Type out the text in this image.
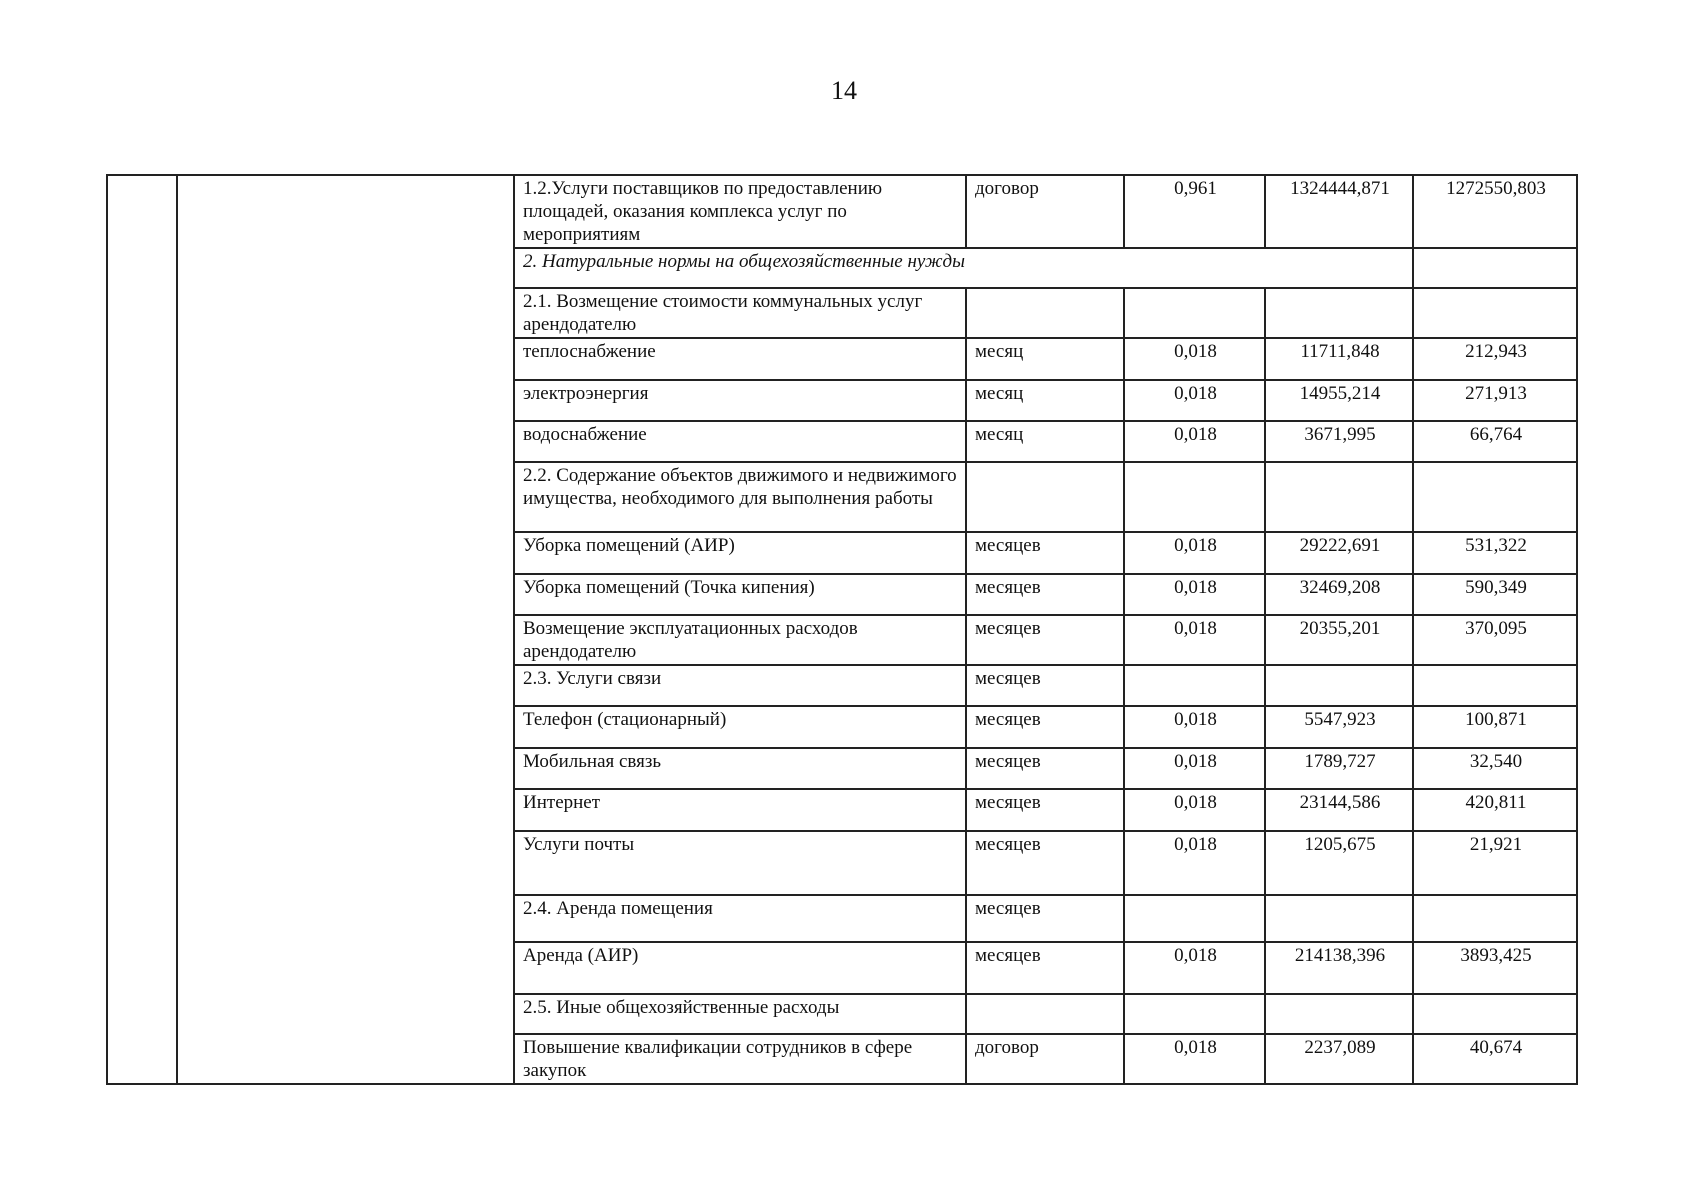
14
		1.2.Услуги поставщиков по предоставлению площадей, оказания комплекса услуг по мероприятиям	договор	0,961	1324444,871	1272550,803
		2. Натуральные нормы на общехозяйственные нужды				
		2.1. Возмещение стоимости коммунальных услуг арендодателю				
		теплоснабжение	месяц	0,018	11711,848	212,943
		электроэнергия	месяц	0,018	14955,214	271,913
		водоснабжение	месяц	0,018	3671,995	66,764
		2.2. Содержание объектов движимого и недвижимого имущества, необходимого для выполнения работы				
		Уборка помещений (АИР)	месяцев	0,018	29222,691	531,322
		Уборка помещений (Точка кипения)	месяцев	0,018	32469,208	590,349
		Возмещение эксплуатационных расходов арендодателю	месяцев	0,018	20355,201	370,095
		2.3. Услуги связи	месяцев			
		Телефон (стационарный)	месяцев	0,018	5547,923	100,871
		Мобильная связь	месяцев	0,018	1789,727	32,540
		Интернет	месяцев	0,018	23144,586	420,811
		Услуги почты	месяцев	0,018	1205,675	21,921
		2.4. Аренда помещения	месяцев			
		Аренда (АИР)	месяцев	0,018	214138,396	3893,425
		2.5. Иные общехозяйственные расходы				
		Повышение квалификации сотрудников в сфере закупок	договор	0,018	2237,089	40,674
